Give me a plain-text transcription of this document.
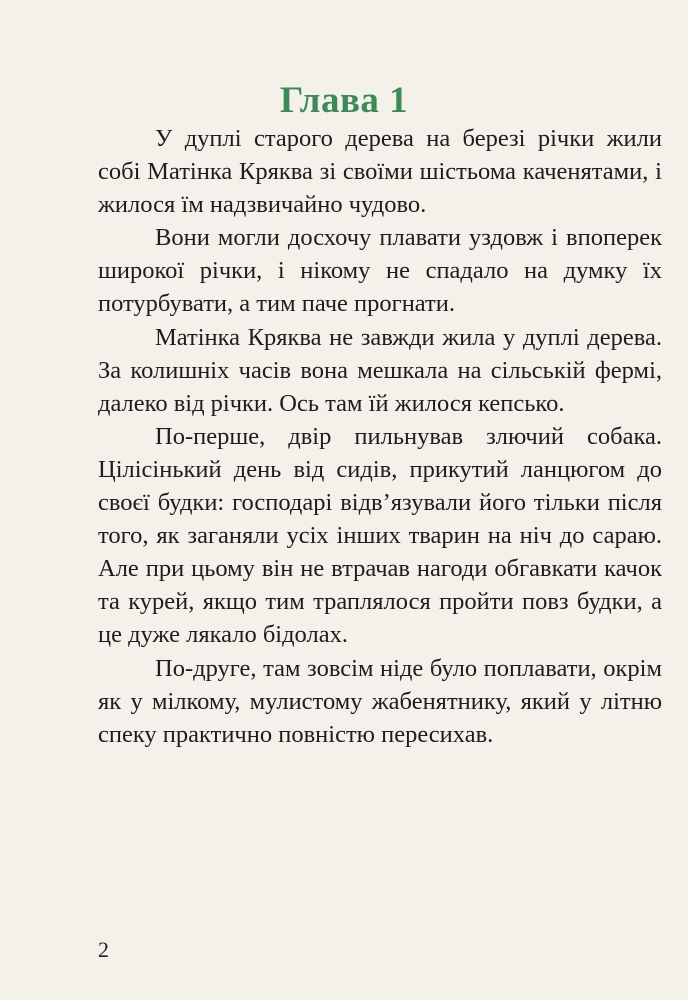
Глава 1

У дуплі старого дерева на березі річки жили собі Матінка Кряква зі своїми шістьома каченятами, і жилося їм надзвичайно чудово.

Вони могли досхочу плавати уздовж і впоперек широкої річки, і нікому не спадало на думку їх потурбувати, а тим паче прогнати.

Матінка Кряква не завжди жила у дуплі дерева. За колишніх часів вона мешкала на сільській фермі, далеко від річки. Ось там їй жилося кепсько.

По-перше, двір пильнував злючий собака. Цілісінький день від сидів, прикутий ланцюгом до своєї будки: господарі відв’язували його тільки після того, як заганяли усіх інших тварин на ніч до сараю. Але при цьому він не втрачав нагоди обгавкати качок та курей, якщо тим траплялося пройти повз будки, а це дуже лякало бідолах.

По-друге, там зовсім ніде було поплавати, окрім як у мілкому, мулистому жабенятнику, який у літню спеку практично повністю пересихав.

2
